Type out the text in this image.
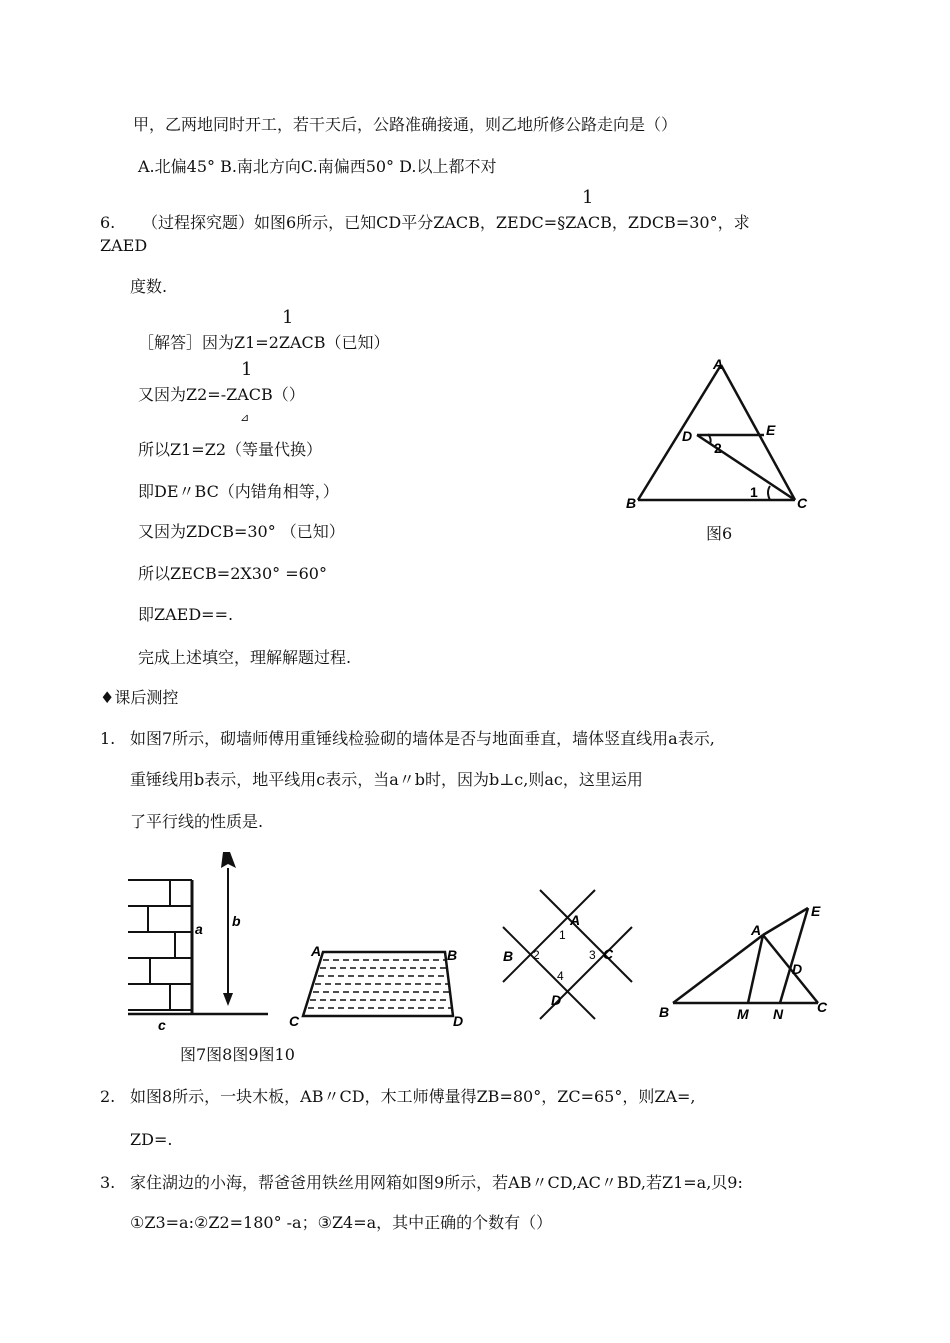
甲，乙两地同时开工，若干天后，公路准确接通，则乙地所修公路走向是（）
A.北偏45° B.南北方向C.南偏西50° D.以上都不对
1
6. （过程探究题）如图6所示，已知CD平分ZACB，ZEDC=§ZACB，ZDCB=30°，求
ZAED
度数.
1
［解答］因为Z1=2ZACB（已知）
1
又因为Z2=-ZACB（）
⊿
所以Z1=Z2（等量代换）
即DE〃BC（内错角相等，）
又因为ZDCB=30° （已知）
所以ZECB=2X30° =60°
即ZAED==.
完成上述填空，理解解题过程.
A
D	E
2
1
B	C
图6
♦课后测控
1. 如图7所示，砌墙师傅用重锤线检验砌的墙体是否与地面垂直，墙体竖直线用a表示,
重锤线用b表示，地平线用c表示，当a〃b时，因为b⊥c,则ac，这里运用
了平行线的性质是.
a b
c
A	B
C	D
A
1
B 2	3 C
4
D
E
A
D
B	M N C
图7图8图9图10
2. 如图8所示，一块木板，AB〃CD，木工师傅量得ZB=80°，ZC=65°，则ZA=,
ZD=.
3. 家住湖边的小海，帮爸爸用铁丝用网箱如图9所示，若AB〃CD,AC〃BD,若Z1=a,贝9:
①Z3=a:②Z2=180° -a；③Z4=a，其中正确的个数有（）
